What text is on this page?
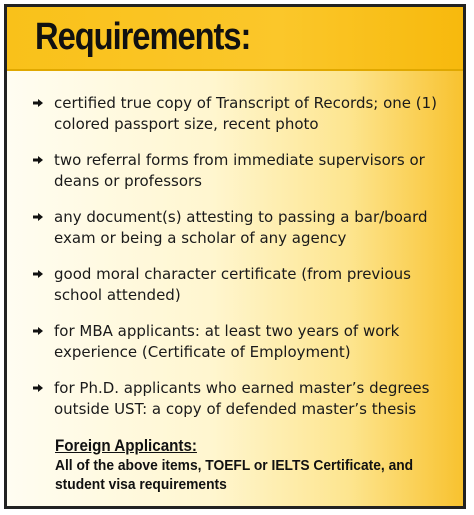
Requirements:
certified true copy of Transcript of Records; one (1)
colored passport size, recent photo
two referral forms from immediate supervisors or
deans or professors
any document(s) attesting to passing a bar/board
exam or being a scholar of any agency
good moral character certificate (from previous
school attended)
for MBA applicants: at least two years of work
experience (Certificate of Employment)
for Ph.D. applicants who earned master’s degrees
outside UST: a copy of defended master’s thesis
Foreign Applicants:
All of the above items, TOEFL or IELTS Certificate, and
student visa requirements
